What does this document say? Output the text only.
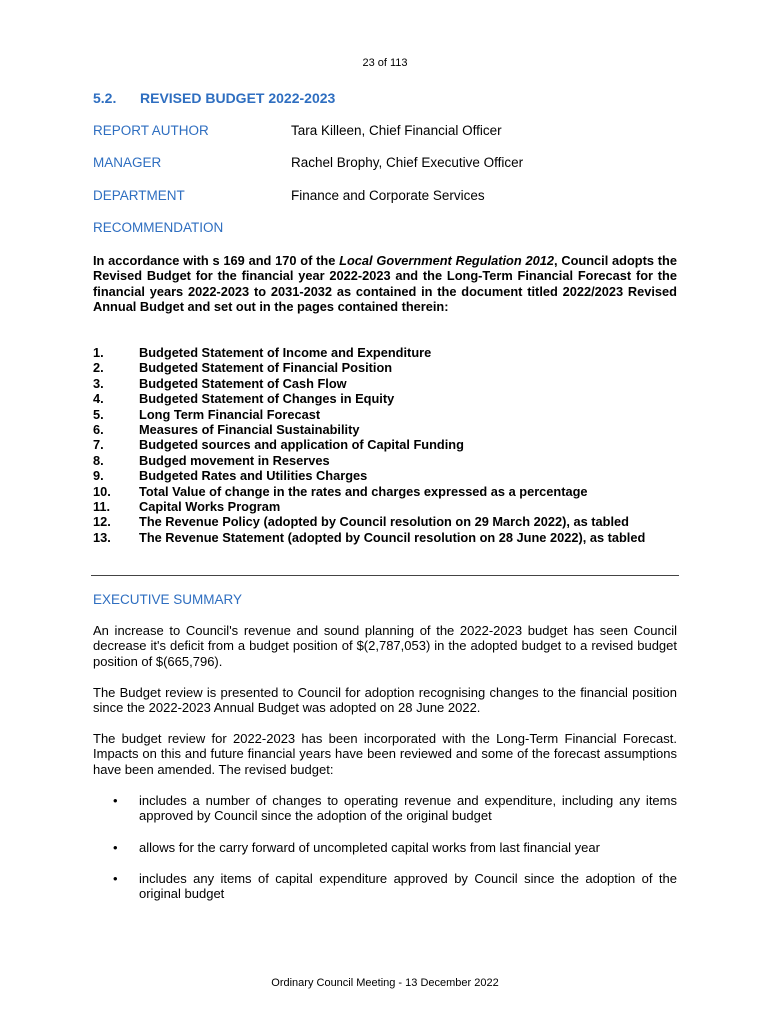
23 of 113
5.2. REVISED BUDGET 2022-2023
REPORT AUTHOR	Tara Killeen, Chief Financial Officer
MANAGER	Rachel Brophy, Chief Executive Officer
DEPARTMENT	Finance and Corporate Services
RECOMMENDATION
In accordance with s 169 and 170 of the Local Government Regulation 2012, Council adopts the Revised Budget for the financial year 2022-2023 and the Long-Term Financial Forecast for the financial years 2022-2023 to 2031-2032 as contained in the document titled 2022/2023 Revised Annual Budget and set out in the pages contained therein:
1.	Budgeted Statement of Income and Expenditure
2.	Budgeted Statement of Financial Position
3.	Budgeted Statement of Cash Flow
4.	Budgeted Statement of Changes in Equity
5.	Long Term Financial Forecast
6.	Measures of Financial Sustainability
7.	Budgeted sources and application of Capital Funding
8.	Budged movement in Reserves
9.	Budgeted Rates and Utilities Charges
10. Total Value of change in the rates and charges expressed as a percentage
11. Capital Works Program
12. The Revenue Policy (adopted by Council resolution on 29 March 2022), as tabled
13. The Revenue Statement (adopted by Council resolution on 28 June 2022), as tabled
EXECUTIVE SUMMARY
An increase to Council's revenue and sound planning of the 2022-2023 budget has seen Council decrease it's deficit from a budget position of $(2,787,053) in the adopted budget to a revised budget position of $(665,796).
The Budget review is presented to Council for adoption recognising changes to the financial position since the 2022-2023 Annual Budget was adopted on 28 June 2022.
The budget review for 2022-2023 has been incorporated with the Long-Term Financial Forecast. Impacts on this and future financial years have been reviewed and some of the forecast assumptions have been amended. The revised budget:
• includes a number of changes to operating revenue and expenditure, including any items approved by Council since the adoption of the original budget
• allows for the carry forward of uncompleted capital works from last financial year
• includes any items of capital expenditure approved by Council since the adoption of the original budget
Ordinary Council Meeting - 13 December 2022
